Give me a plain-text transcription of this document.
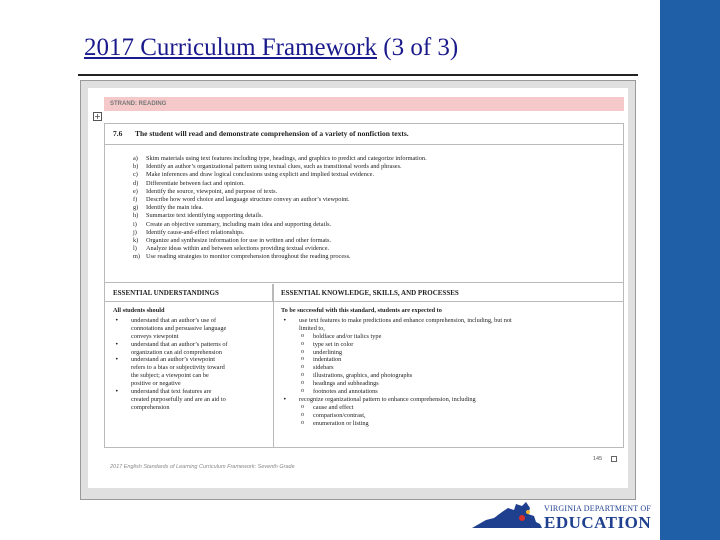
2017 Curriculum Framework (3 of 3)
STRAND: READING
+
7.6 The student will read and demonstrate comprehension of a variety of nonfiction texts.
a) Skim materials using text features including type, headings, and graphics to predict and categorize information.
b) Identify an author’s organizational pattern using textual clues, such as transitional words and phrases.
c) Make inferences and draw logical conclusions using explicit and implied textual evidence.
d) Differentiate between fact and opinion.
e) Identify the source, viewpoint, and purpose of texts.
f) Describe how word choice and language structure convey an author’s viewpoint.
g) Identify the main idea.
h) Summarize text identifying supporting details.
i) Create an objective summary, including main idea and supporting details.
j) Identify cause-and-effect relationships.
k) Organize and synthesize information for use in written and other formats.
l) Analyze ideas within and between selections providing textual evidence.
m) Use reading strategies to monitor comprehension throughout the reading process.
ESSENTIAL UNDERSTANDINGS	ESSENTIAL KNOWLEDGE, SKILLS, AND PROCESSES
All students should
• understand that an author’s use of
connotations and persuasive language
conveys viewpoint
• understand that an author’s patterns of
organization can aid comprehension
• understand an author’s viewpoint
refers to a bias or subjectivity toward
the subject; a viewpoint can be
positive or negative
• understand that text features are
created purposefully and are an aid to
comprehension
To be successful with this standard, students are expected to
• use text features to make predictions and enhance comprehension, including, but not
limited to,
o boldface and/or italics type
o type set in color
o underlining
o indentation
o sidebars
o illustrations, graphics, and photographs
o headings and subheadings
o footnotes and annotations
• recognize organizational pattern to enhance comprehension, including
o cause and effect
o comparison/contrast,
o enumeration or listing
2017 English Standards of Learning Curriculum Framework: Seventh Grade
145
VIRGINIA DEPARTMENT OF
EDUCATION
